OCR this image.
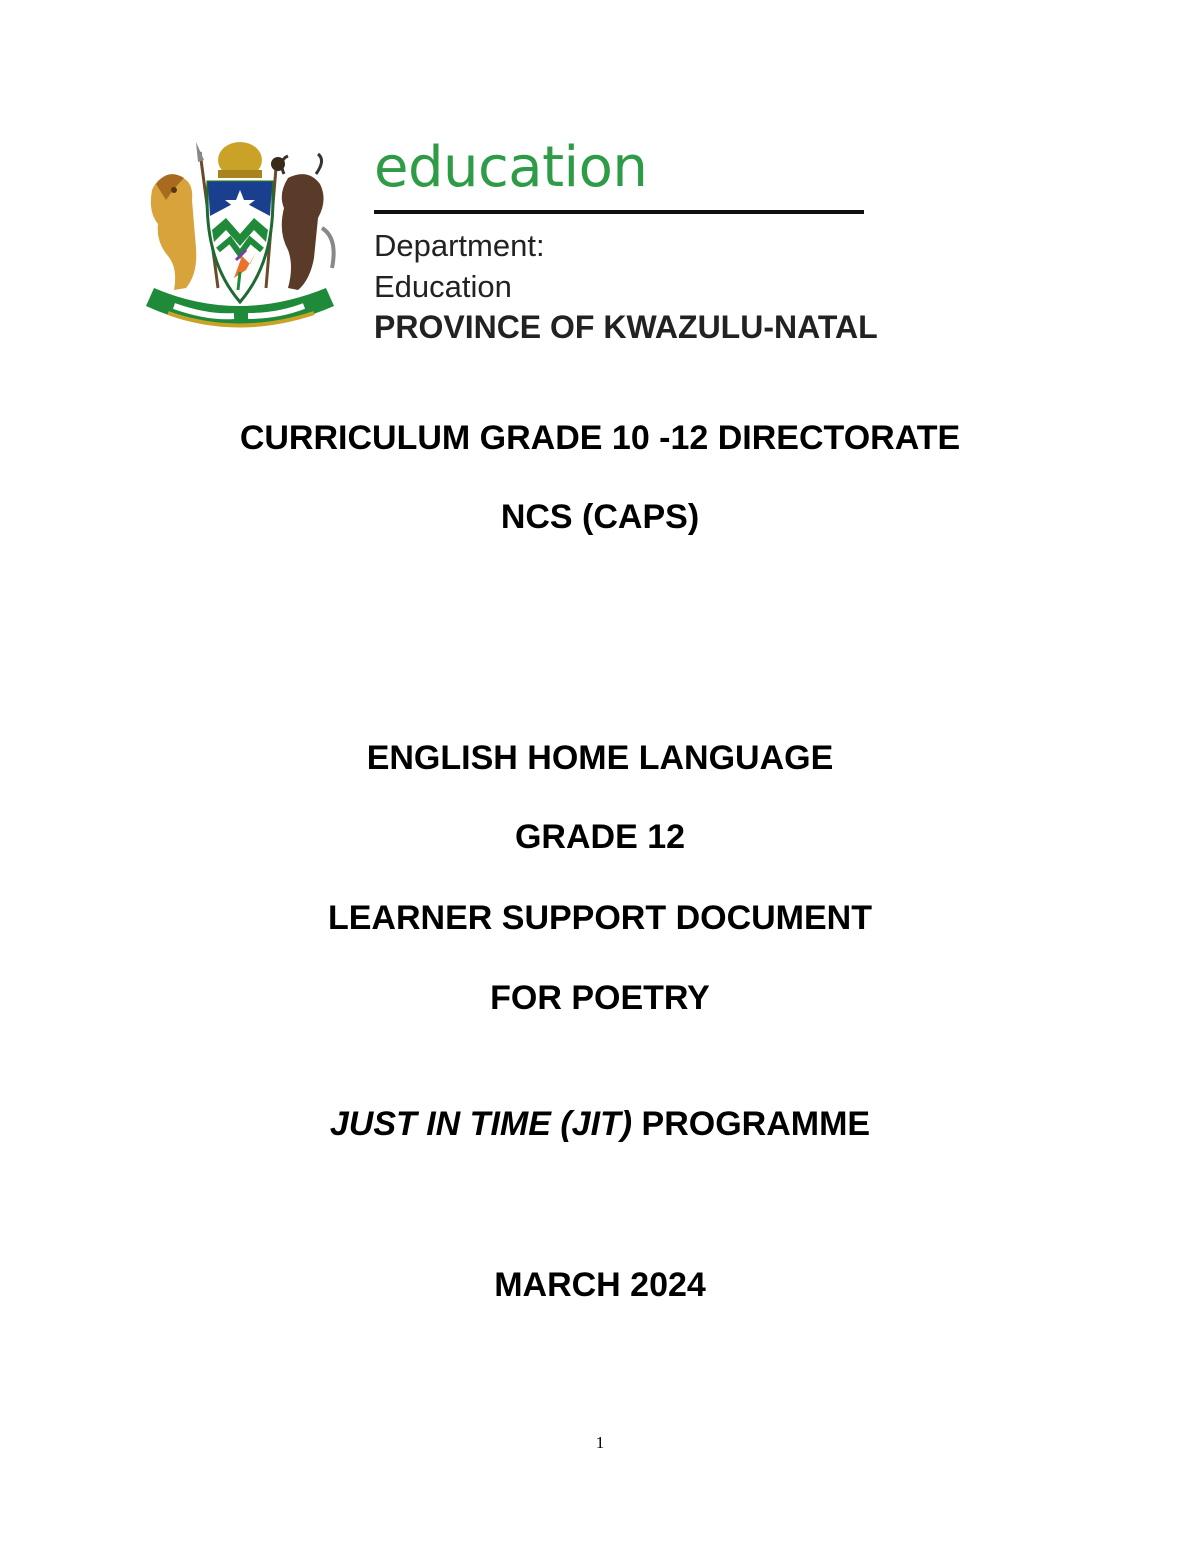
education
Department:
Education
PROVINCE OF KWAZULU-NATAL
CURRICULUM GRADE 10 -12 DIRECTORATE
NCS (CAPS)
ENGLISH HOME LANGUAGE
GRADE 12
LEARNER SUPPORT DOCUMENT
FOR POETRY
JUST IN TIME (JIT) PROGRAMME
MARCH 2024
1
